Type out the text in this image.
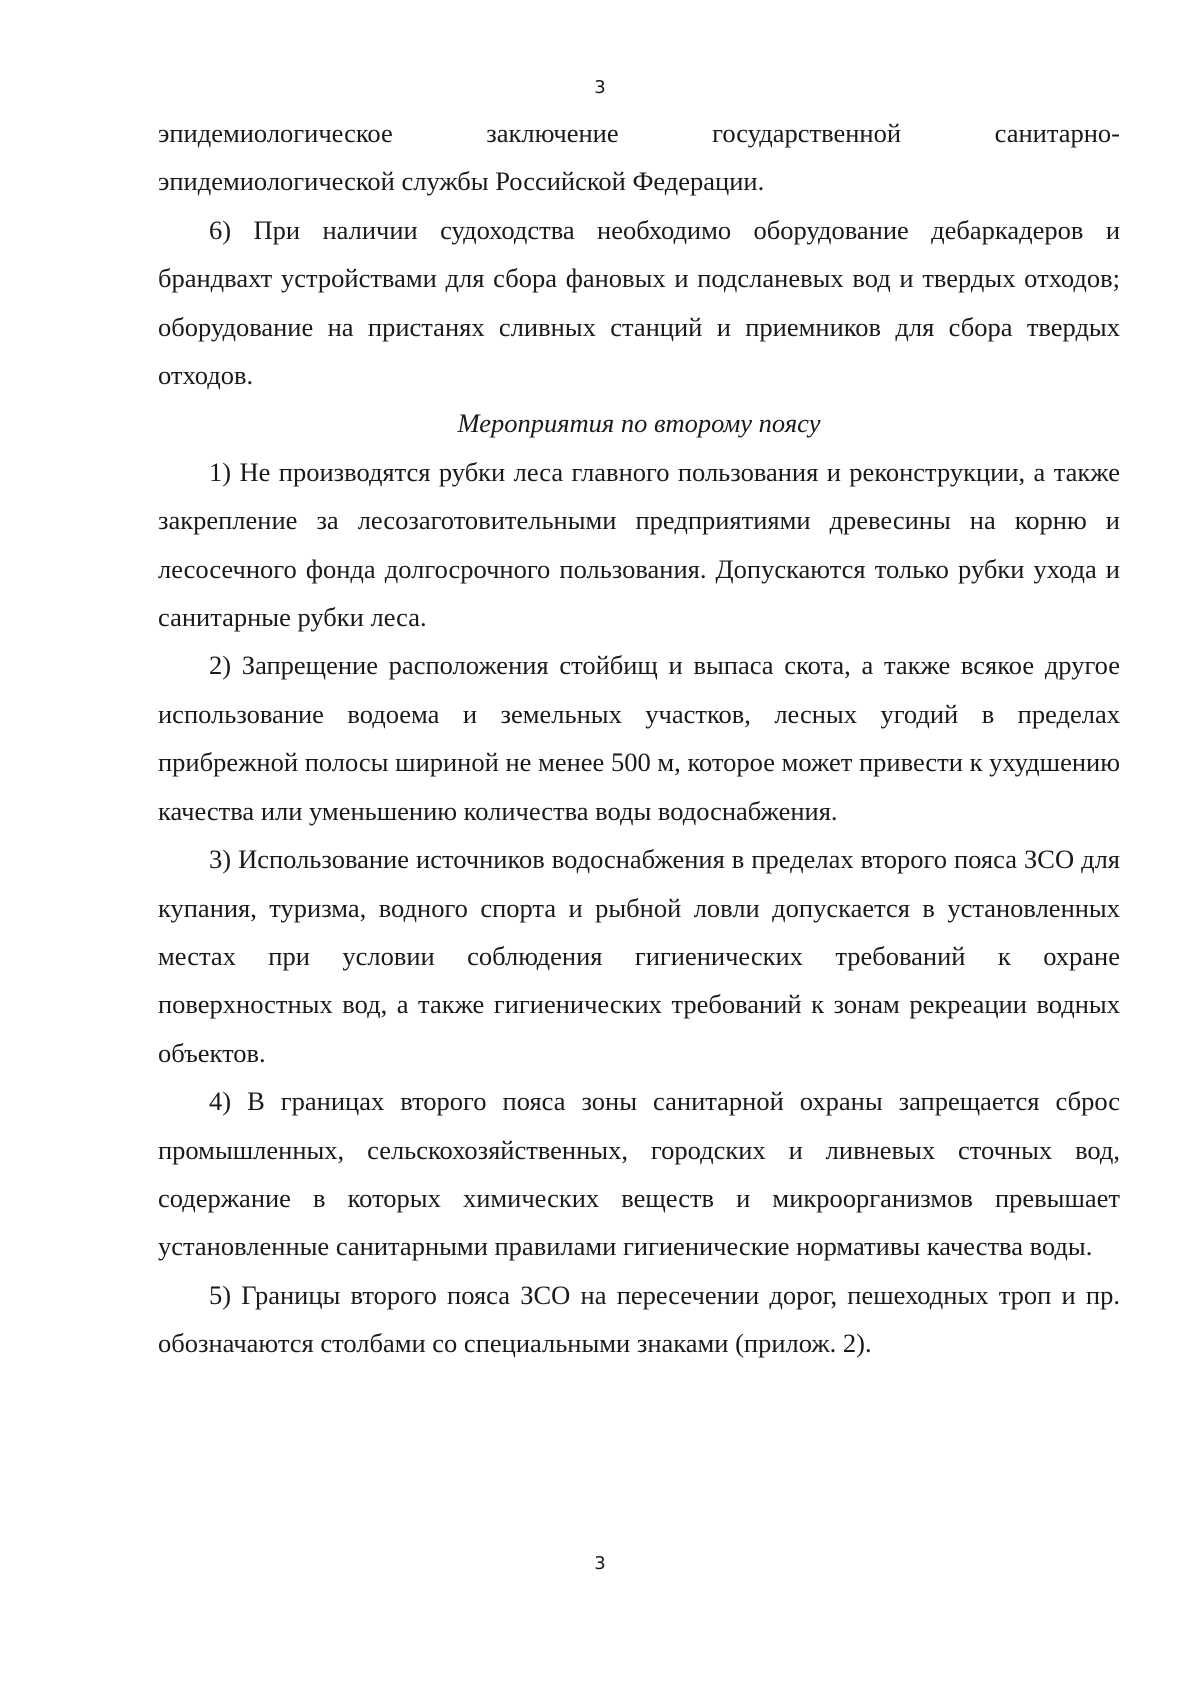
3

эпидемиологическое заключение государственной санитарно-

эпидемиологической службы Российской Федерации.

6) При наличии судоходства необходимо оборудование дебаркадеров и брандвахт устройствами для сбора фановых и подсланевых вод и твердых отходов; оборудование на пристанях сливных станций и приемников для сбора твердых отходов.

Мероприятия по второму поясу

1) Не производятся рубки леса главного пользования и реконструкции, а также закрепление за лесозаготовительными предприятиями древесины на корню и лесосечного фонда долгосрочного пользования. Допускаются только рубки ухода и санитарные рубки леса.

2) Запрещение расположения стойбищ и выпаса скота, а также всякое другое использование водоема и земельных участков, лесных угодий в пределах прибрежной полосы шириной не менее 500 м, которое может привести к ухудшению качества или уменьшению количества воды водоснабжения.

3) Использование источников водоснабжения в пределах второго пояса ЗСО для купания, туризма, водного спорта и рыбной ловли допускается в установленных местах при условии соблюдения гигиенических требований к охране поверхностных вод, а также гигиенических требований к зонам рекреации водных объектов.

4) В границах второго пояса зоны санитарной охраны запрещается сброс промышленных, сельскохозяйственных, городских и ливневых сточных вод, содержание в которых химических веществ и микроорганизмов превышает установленные санитарными правилами гигиенические нормативы качества воды.

5) Границы второго пояса ЗСО на пересечении дорог, пешеходных троп и пр. обозначаются столбами со специальными знаками (прилож. 2).

3
